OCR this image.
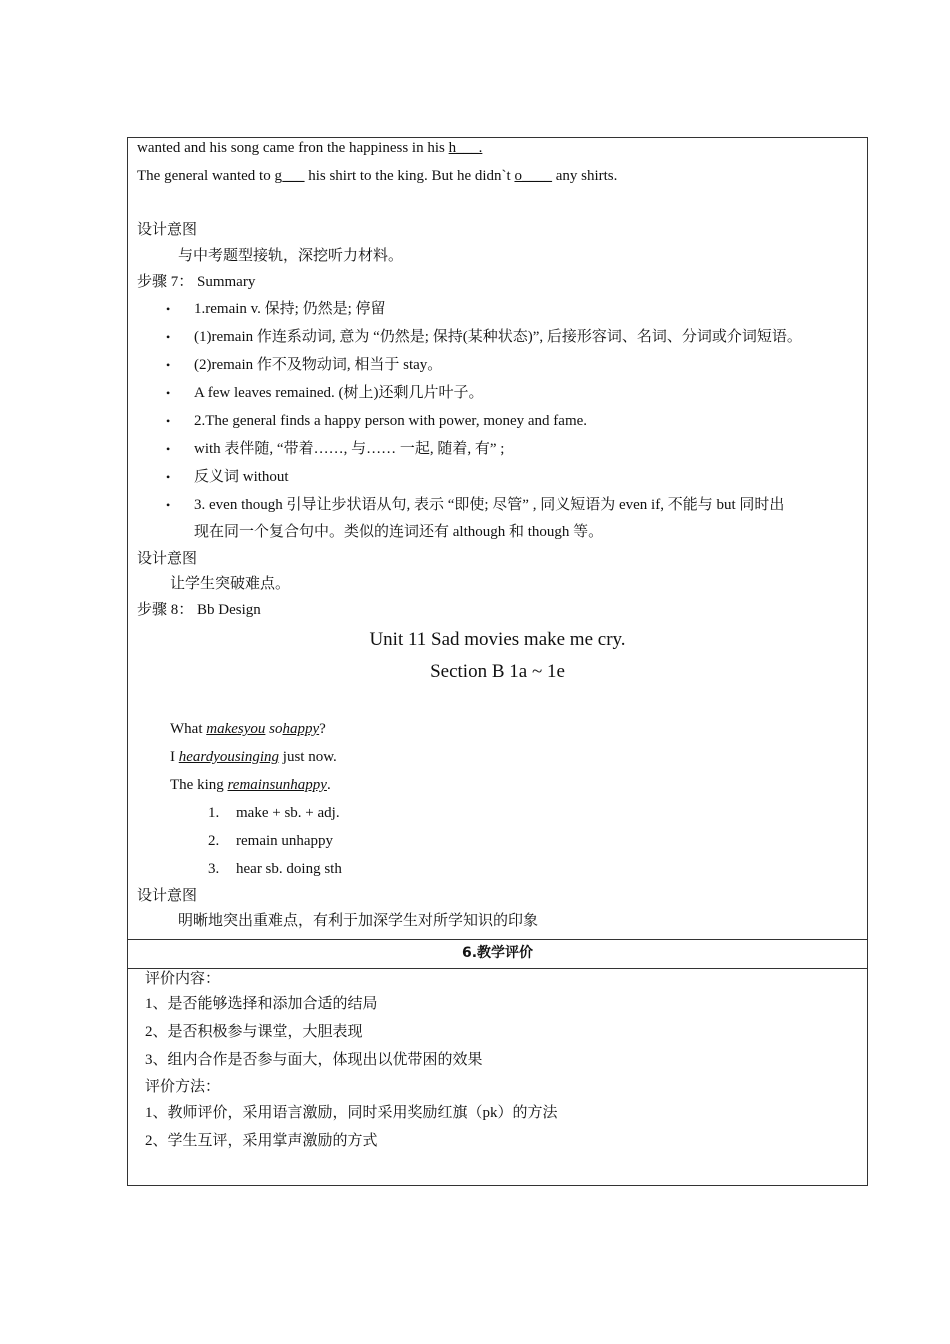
wanted and his song came fron the happiness in his h___.
The general wanted to g___ his shirt to the king. But he didn`t o____ any shirts.
设计意图
与中考题型接轨，深挖听力材料。
步骤 7： Summary
•	1.remain v. 保持; 仍然是; 停留
•	(1)remain 作连系动词, 意为 “仍然是; 保持(某种状态)”, 后接形容词、名词、分词或介词短语。
•	(2)remain 作不及物动词, 相当于 stay。
•	A few leaves remained. (树上)还剩几片叶子。
•	2.The general finds a happy person with power, money and fame.
•	with 表伴随, “带着……, 与…… 一起, 随着, 有” ;
•	反义词 without
•	3. even though 引导让步状语从句, 表示 “即使; 尽管” , 同义短语为 even if, 不能与 but 同时出
现在同一个复合句中。类似的连词还有 although 和 though 等。
设计意图
让学生突破难点。
步骤 8： Bb Design
Unit 11 Sad movies make me cry.
Section B 1a ~ 1e
What makesyou sohappy?
I heardyousinging just now.
The king remainsunhappy.
1. make + sb. + adj.
2. remain unhappy
3. hear sb. doing sth
设计意图
明晰地突出重难点，有利于加深学生对所学知识的印象
6.教学评价
评价内容：
1、是否能够选择和添加合适的结局
2、是否积极参与课堂，大胆表现
3、组内合作是否参与面大，体现出以优带困的效果
评价方法：
1、教师评价，采用语言激励，同时采用奖励红旗（pk）的方法
2、学生互评，采用掌声激励的方式
